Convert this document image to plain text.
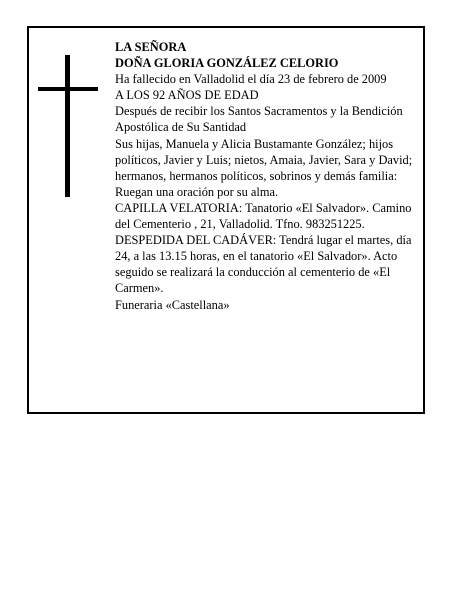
LA SEÑORA
DOÑA GLORIA GONZÁLEZ CELORIO
Ha fallecido en Valladolid el día 23 de febrero de 2009
A LOS 92 AÑOS DE EDAD
Después de recibir los Santos Sacramentos y la Bendición Apostólica de Su Santidad
Sus hijas, Manuela y Alicia Bustamante González; hijos políticos, Javier y Luis; nietos, Amaia, Javier, Sara y David; hermanos, hermanos políticos, sobrinos y demás familia:
Ruegan una oración por su alma.
CAPILLA VELATORIA: Tanatorio «El Salvador». Camino del Cementerio , 21, Valladolid. Tfno. 983251225.
DESPEDIDA DEL CADÁVER: Tendrá lugar el martes, día 24, a las 13.15 horas, en el tanatorio «El Salvador». Acto seguido se realizará la conducción al cementerio de «El Carmen».
Funeraria «Castellana»
